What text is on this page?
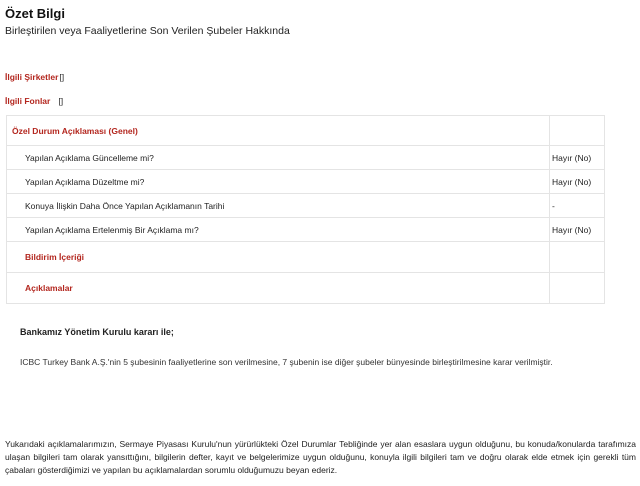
Özet Bilgi
Birleştirilen veya Faaliyetlerine Son Verilen Şubeler Hakkında
İlgili Şirketler[]
İlgili Fonlar []
Özel Durum Açıklaması (Genel)	
Yapılan Açıklama Güncelleme mi?	Hayır (No)
Yapılan Açıklama Düzeltme mi?	Hayır (No)
Konuya İlişkin Daha Önce Yapılan Açıklamanın Tarihi	-
Yapılan Açıklama Ertelenmiş Bir Açıklama mı?	Hayır (No)
Bildirim İçeriği	
Açıklamalar	
Bankamız Yönetim Kurulu kararı ile;
ICBC Turkey Bank A.Ş.'nin 5 şubesinin faaliyetlerine son verilmesine, 7 şubenin ise diğer şubeler bünyesinde birleştirilmesine karar verilmiştir.
Yukarıdaki açıklamalarımızın, Sermaye Piyasası Kurulu'nun yürürlükteki Özel Durumlar Tebliğinde yer alan esaslara uygun olduğunu, bu konuda/konularda tarafımıza ulaşan bilgileri tam olarak yansıttığını, bilgilerin defter, kayıt ve belgelerimize uygun olduğunu, konuyla ilgili bilgileri tam ve doğru olarak elde etmek için gerekli tüm çabaları gösterdiğimizi ve yapılan bu açıklamalardan sorumlu olduğumuzu beyan ederiz.
